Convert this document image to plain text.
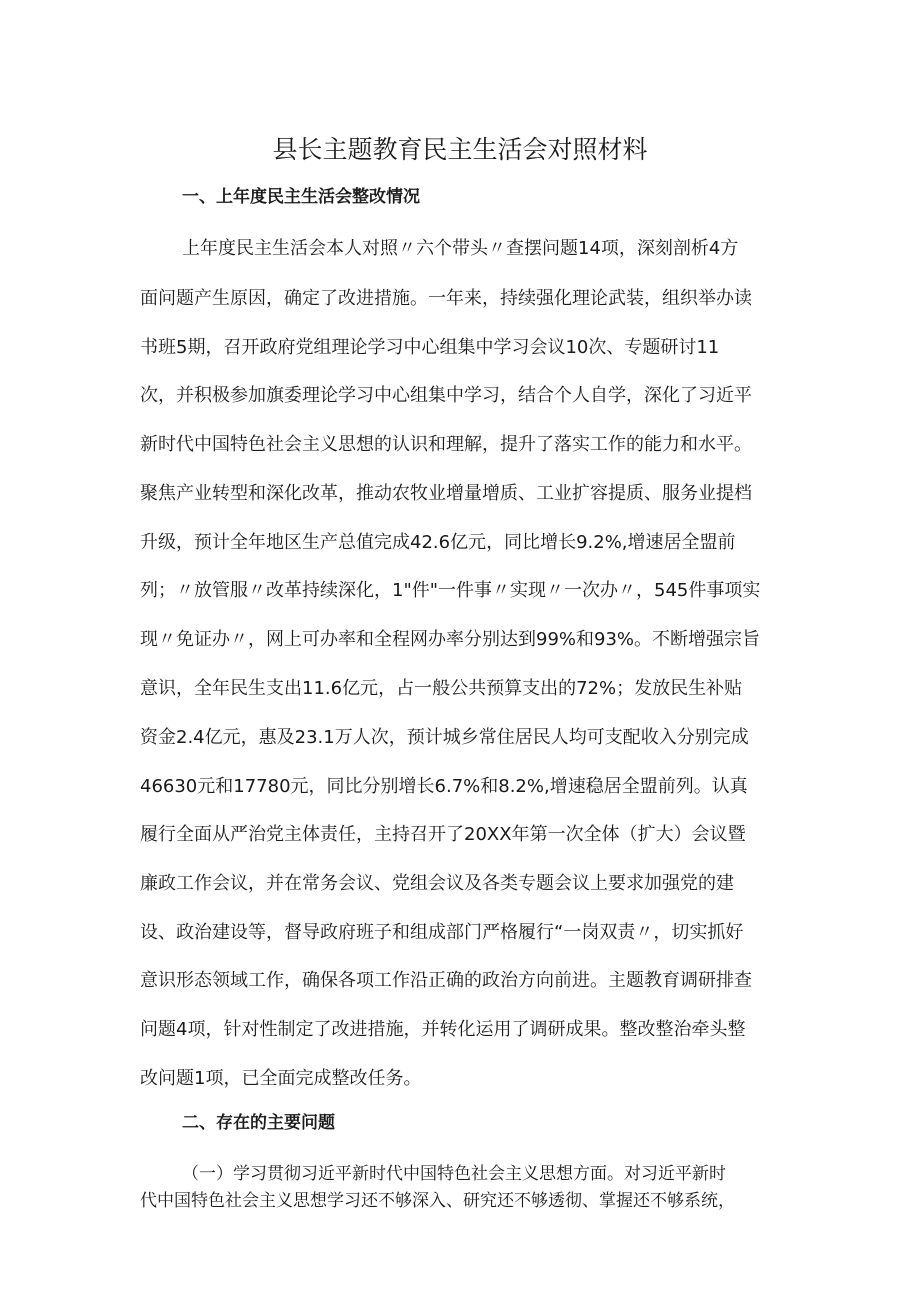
县长主题教育民主生活会对照材料
一、上年度民主生活会整改情况
上年度民主生活会本人对照〃六个带头〃查摆问题14项，深刻剖析4方
面问题产生原因，确定了改进措施。一年来，持续强化理论武装，组织举办读
书班5期，召开政府党组理论学习中心组集中学习会议10次、专题研讨11
次，并积极参加旗委理论学习中心组集中学习，结合个人自学，深化了习近平
新时代中国特色社会主义思想的认识和理解，提升了落实工作的能力和水平。
聚焦产业转型和深化改革，推动农牧业增量增质、工业扩容提质、服务业提档
升级，预计全年地区生产总值完成42.6亿元，同比增长9.2%,增速居全盟前
列；〃放管服〃改革持续深化，1"件"一件事〃实现〃一次办〃，545件事项实
现〃免证办〃，网上可办率和全程网办率分别达到99%和93%。不断增强宗旨
意识，全年民生支出11.6亿元，占一般公共预算支出的72%；发放民生补贴
资金2.4亿元，惠及23.1万人次，预计城乡常住居民人均可支配收入分别完成
46630元和17780元，同比分别增长6.7%和8.2%,增速稳居全盟前列。认真
履行全面从严治党主体责任，主持召开了20XX年第一次全体（扩大）会议暨
廉政工作会议，并在常务会议、党组会议及各类专题会议上要求加强党的建
设、政治建设等，督导政府班子和组成部门严格履行“一岗双责〃，切实抓好
意识形态领域工作，确保各项工作沿正确的政治方向前进。主题教育调研排查
问题4项，针对性制定了改进措施，并转化运用了调研成果。整改整治牵头整
改问题1项，已全面完成整改任务。
二、存在的主要问题
（一）学习贯彻习近平新时代中国特色社会主义思想方面。对习近平新时
代中国特色社会主义思想学习还不够深入、研究还不够透彻、掌握还不够系统，
